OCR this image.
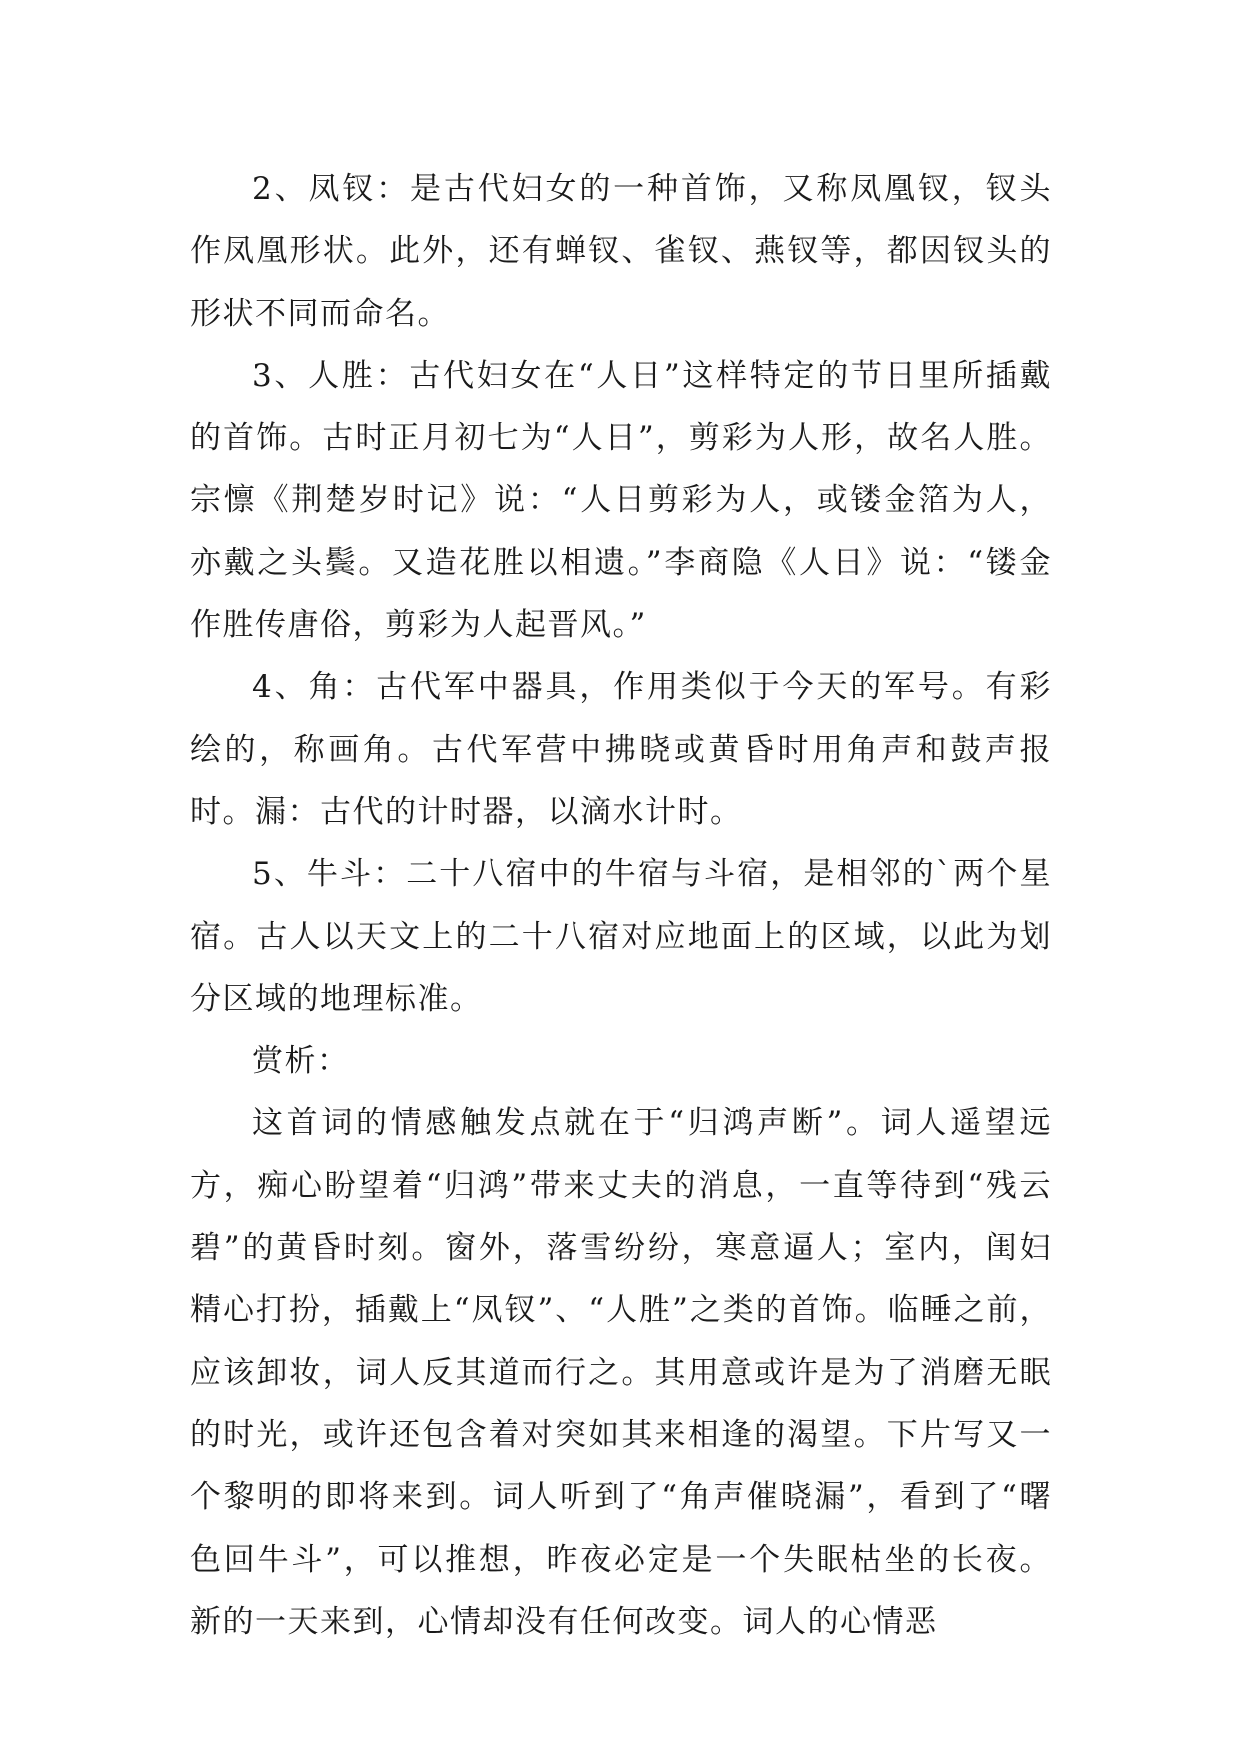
2、凤钗：是古代妇女的一种首饰，又称凤凰钗，钗头作凤凰形状。此外，还有蝉钗、雀钗、燕钗等，都因钗头的形状不同而命名。

3、人胜：古代妇女在“人日”这样特定的节日里所插戴的首饰。古时正月初七为“人日”，剪彩为人形，故名人胜。宗懔《荆楚岁时记》说：“人日剪彩为人，或镂金箔为人，亦戴之头鬓。又造花胜以相遗。”李商隐《人日》说：“镂金作胜传唐俗，剪彩为人起晋风。”

4、角：古代军中器具，作用类似于今天的军号。有彩绘的，称画角。古代军营中拂晓或黄昏时用角声和鼓声报时。漏：古代的计时器，以滴水计时。

5、牛斗：二十八宿中的牛宿与斗宿，是相邻的`两个星宿。古人以天文上的二十八宿对应地面上的区域，以此为划分区域的地理标准。

赏析：

这首词的情感触发点就在于“归鸿声断”。词人遥望远方，痴心盼望着“归鸿”带来丈夫的消息，一直等待到“残云碧”的黄昏时刻。窗外，落雪纷纷，寒意逼人；室内，闺妇精心打扮，插戴上“凤钗”、“人胜”之类的首饰。临睡之前，应该卸妆，词人反其道而行之。其用意或许是为了消磨无眠的时光，或许还包含着对突如其来相逢的渴望。下片写又一个黎明的即将来到。词人听到了“角声催晓漏”，看到了“曙色回牛斗”，可以推想，昨夜必定是一个失眠枯坐的长夜。新的一天来到，心情却没有任何改变。词人的心情恶
